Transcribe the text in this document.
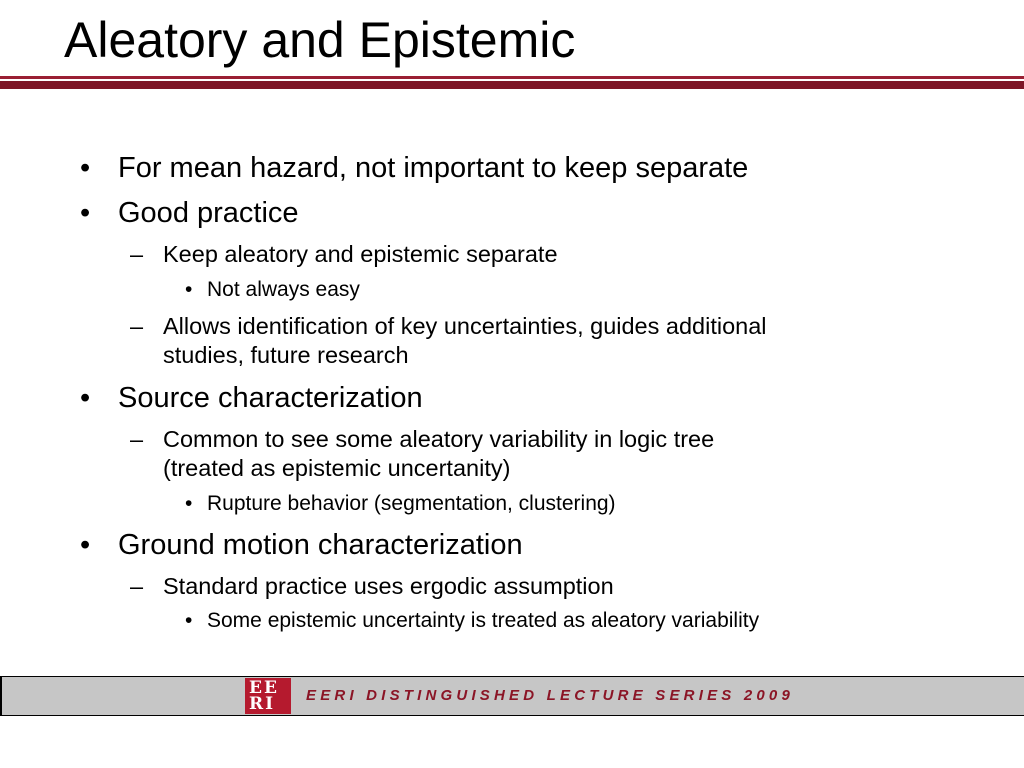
Aleatory and Epistemic
• For mean hazard, not important to keep separate
• Good practice
– Keep aleatory and epistemic separate
• Not always easy
– Allows identification of key uncertainties, guides additional
studies, future research
• Source characterization
– Common to see some aleatory variability in logic tree
(treated as epistemic uncertanity)
• Rupture behavior (segmentation, clustering)
• Ground motion characterization
– Standard practice uses ergodic assumption
• Some epistemic uncertainty is treated as aleatory variability
EE
RI EERI DISTINGUISHED LECTURE SERIES 2009
